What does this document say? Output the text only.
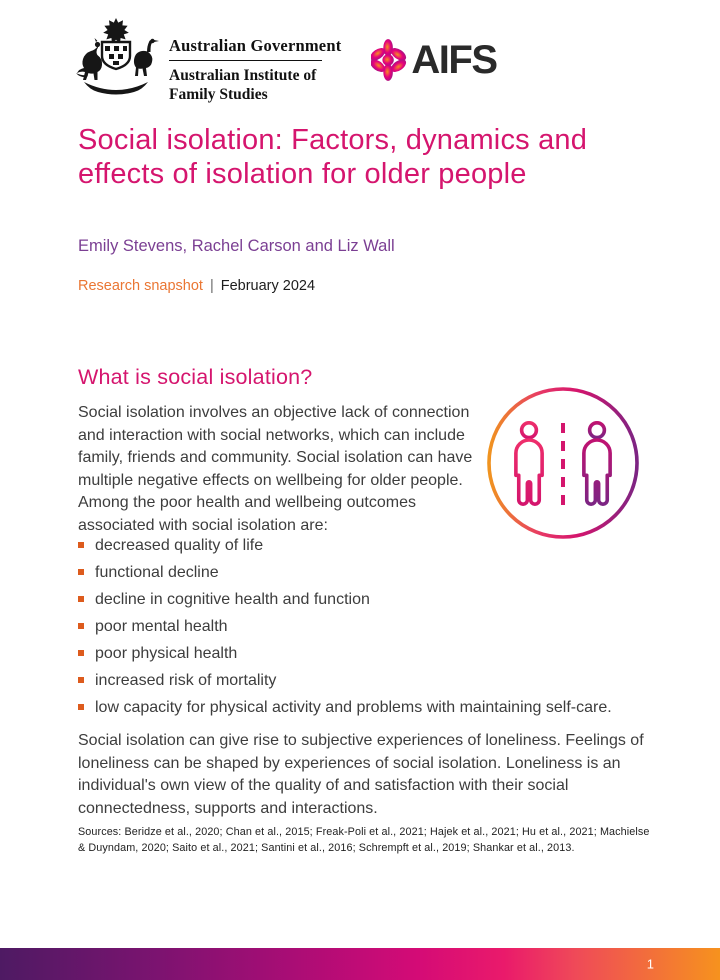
Australian Government
Australian Institute of
Family Studies
AIFS
Social isolation: Factors, dynamics and effects of isolation for older people
Emily Stevens, Rachel Carson and Liz Wall
Research snapshot | February 2024
What is social isolation?

Social isolation involves an objective lack of connection and interaction with social networks, which can include family, friends and community. Social isolation can have multiple negative effects on wellbeing for older people. Among the poor health and wellbeing outcomes associated with social isolation are:

decreased quality of life
functional decline
decline in cognitive health and function
poor mental health
poor physical health
increased risk of mortality
low capacity for physical activity and problems with maintaining self-care.

Social isolation can give rise to subjective experiences of loneliness. Feelings of loneliness can be shaped by experiences of social isolation. Loneliness is an individual's own view of the quality of and satisfaction with their social connectedness, supports and interactions.

Sources: Beridze et al., 2020; Chan et al., 2015; Freak-Poli et al., 2021; Hajek et al., 2021; Hu et al., 2021; Machielse & Duyndam, 2020; Saito et al., 2021; Santini et al., 2016; Schrempft et al., 2019; Shankar et al., 2013.

1
